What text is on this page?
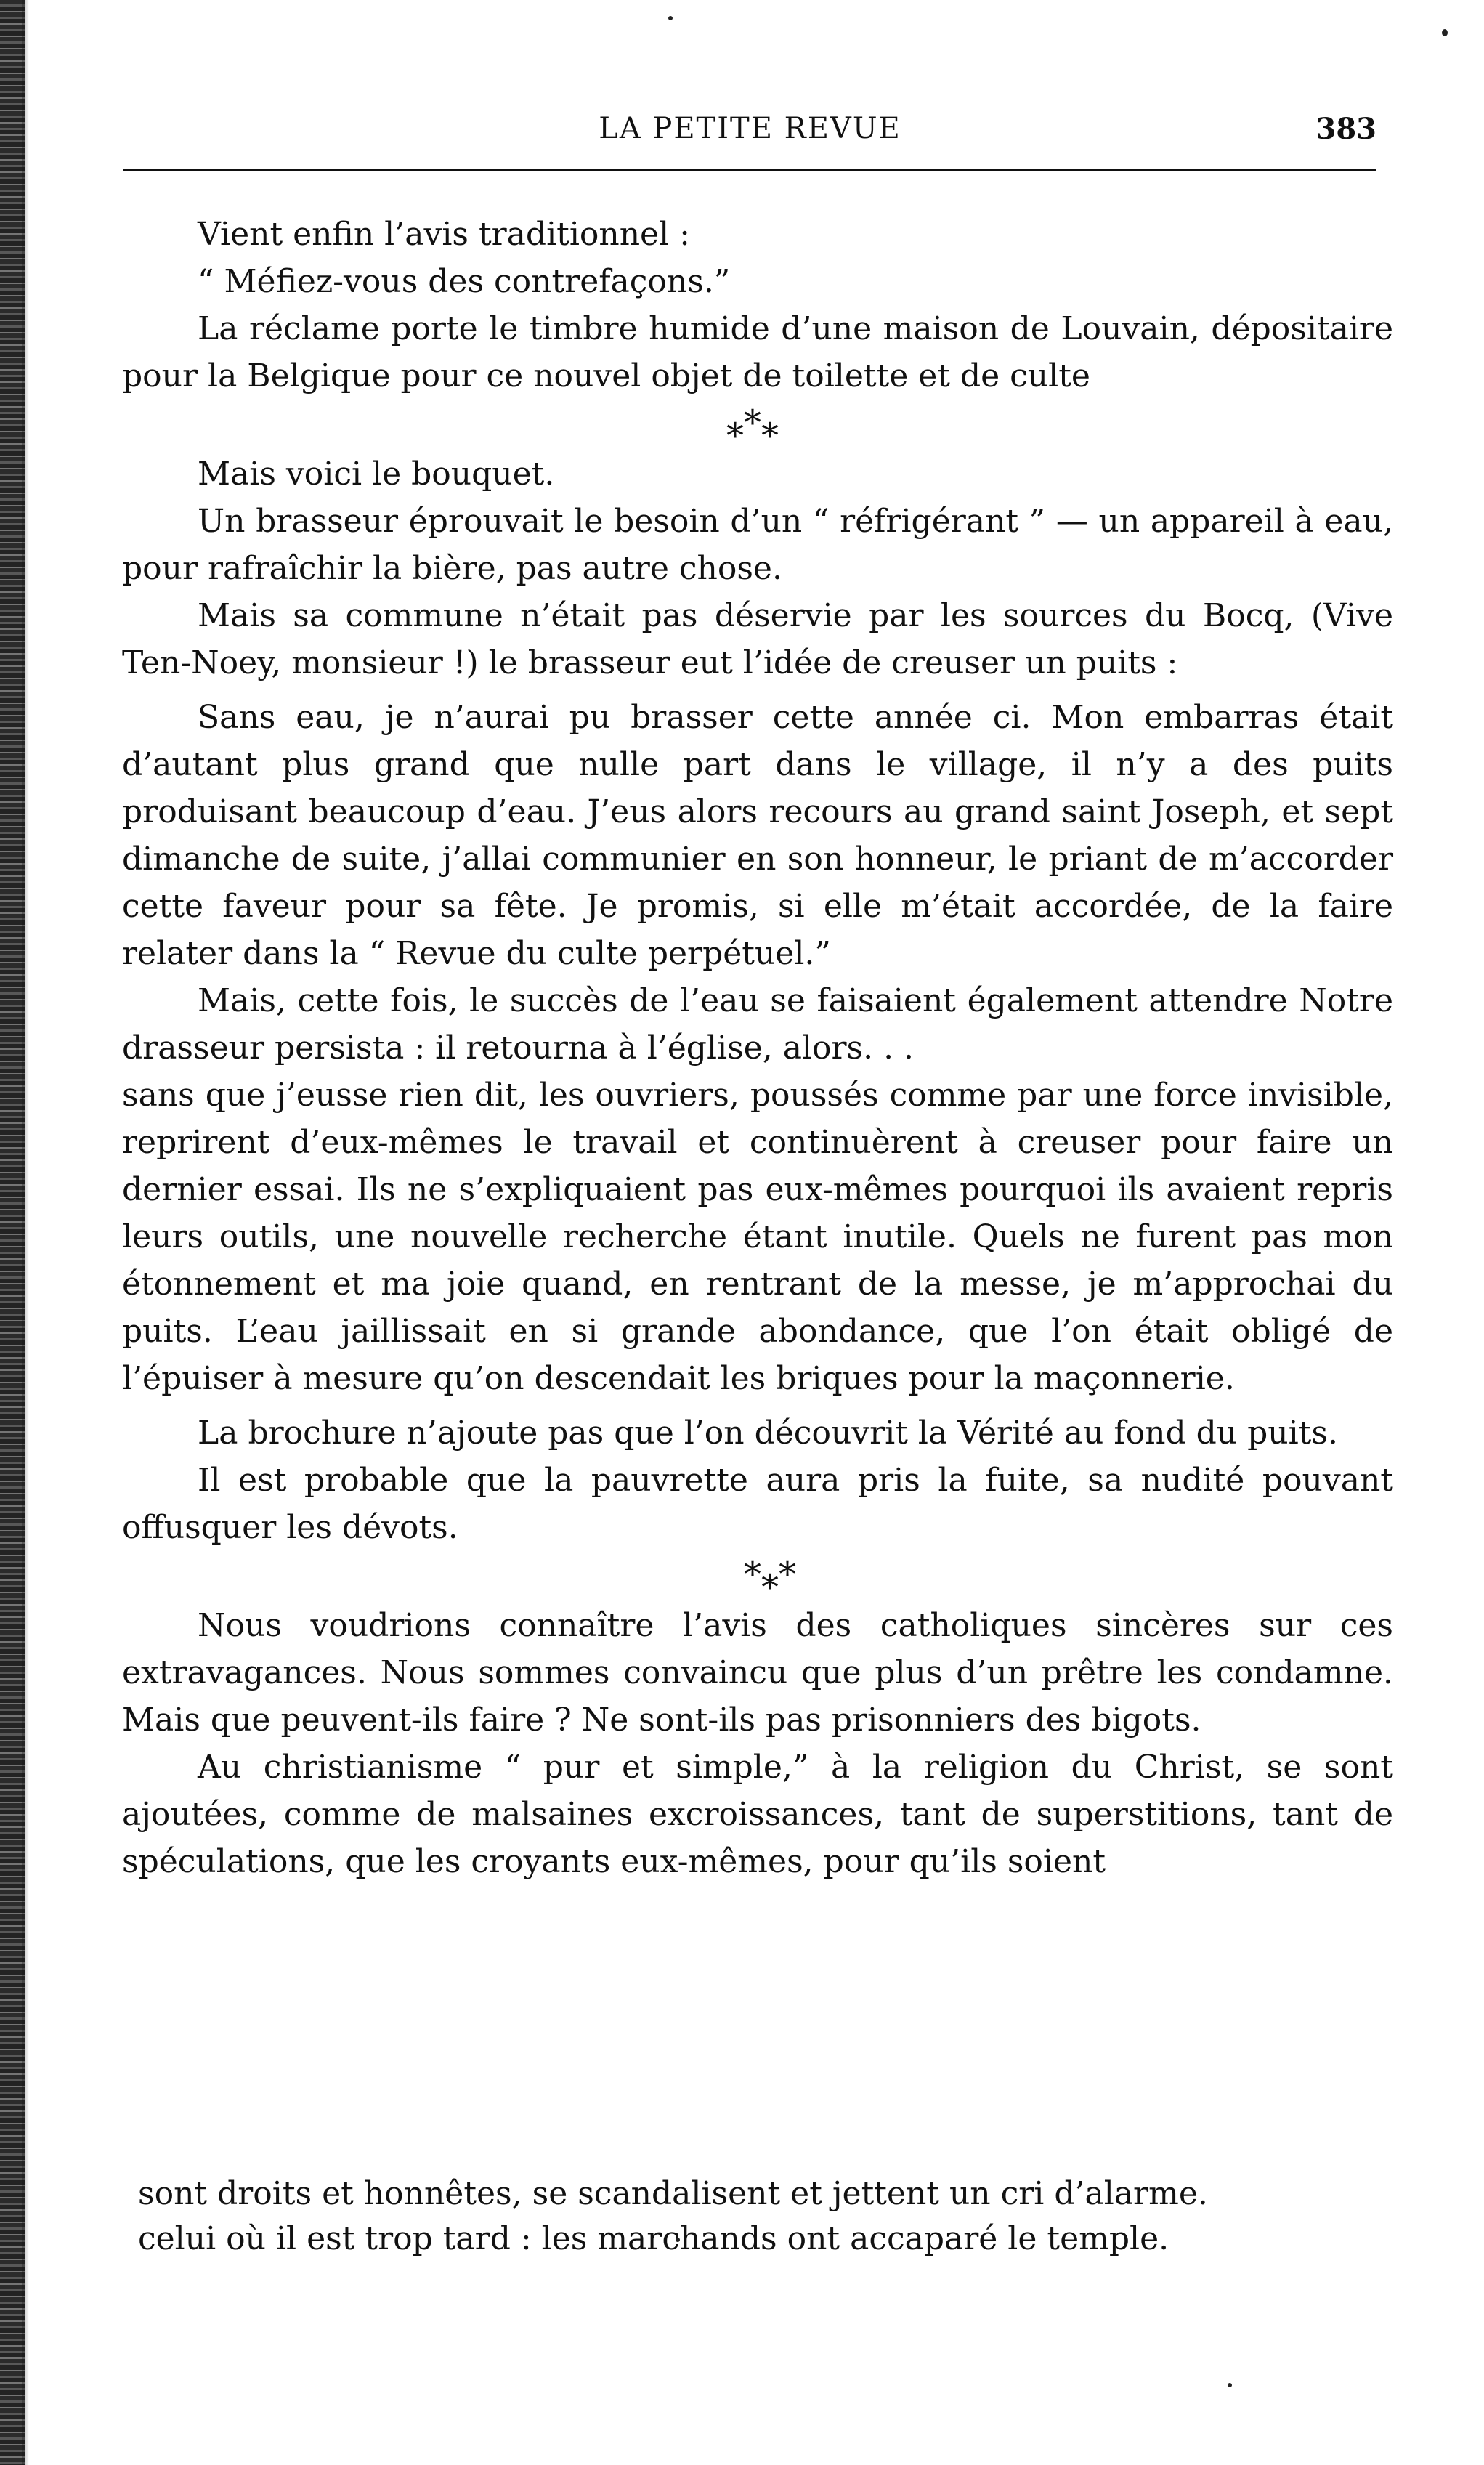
LA PETITE REVUE	383

Vient enfin l’avis traditionnel :

“ Méfiez-vous des contrefaçons.”

La réclame porte le timbre humide d’une maison de Louvain, dépositaire pour la Belgique pour ce nouvel objet de toilette et de culte

* * *

Mais voici le bouquet.

Un brasseur éprouvait le besoin d’un “ réfrigérant ” — un appareil à eau, pour rafraîchir la bière, pas autre chose.

Mais sa commune n’était pas déservie par les sources du Bocq, (Vive Ten-Noey, monsieur !) le brasseur eut l’idée de creuser un puits :

Sans eau, je n’aurai pu brasser cette année ci. Mon embarras était d’autant plus grand que nulle part dans le village, il n’y a des puits produisant beaucoup d’eau. J’eus alors recours au grand saint Joseph, et sept dimanche de suite, j’allai communier en son honneur, le priant de m’accorder cette faveur pour sa fête. Je promis, si elle m’était accordée, de la faire relater dans la “ Revue du culte perpétuel.”

Mais, cette fois, le succès de l’eau se faisaient également attendre Notre drasseur persista : il retourna à l’église, alors. . .

sans que j’eusse rien dit, les ouvriers, poussés comme par une force invisible, reprirent d’eux-mêmes le travail et continuèrent à creuser pour faire un dernier essai. Ils ne s’expliquaient pas eux-mêmes pourquoi ils avaient repris leurs outils, une nouvelle recherche étant inutile. Quels ne furent pas mon étonnement et ma joie quand, en rentrant de la messe, je m’approchai du puits. L’eau jaillissait en si grande abondance, que l’on était obligé de l’épuiser à mesure qu’on descendait les briques pour la maçonnerie.

La brochure n’ajoute pas que l’on découvrit la Vérité au fond du puits.

Il est probable que la pauvrette aura pris la fuite, sa nudité pouvant offusquer les dévots.

* * *

Nous voudrions connaître l’avis des catholiques sincères sur ces extravagances. Nous sommes convaincu que plus d’un prêtre les condamne. Mais que peuvent-ils faire ? Ne sont-ils pas prisonniers des bigots.

Au christianisme “ pur et simple,” à la religion du Christ, se sont ajoutées, comme de malsaines excroissances, tant de superstitions, tant de spéculations, que les croyants eux-mêmes, pour qu’ils soient

sont droits et honnêtes, se scandalisent et jettent un cri d’alarme.
celui où il est trop tard : les marchands ont accaparé le temple.
